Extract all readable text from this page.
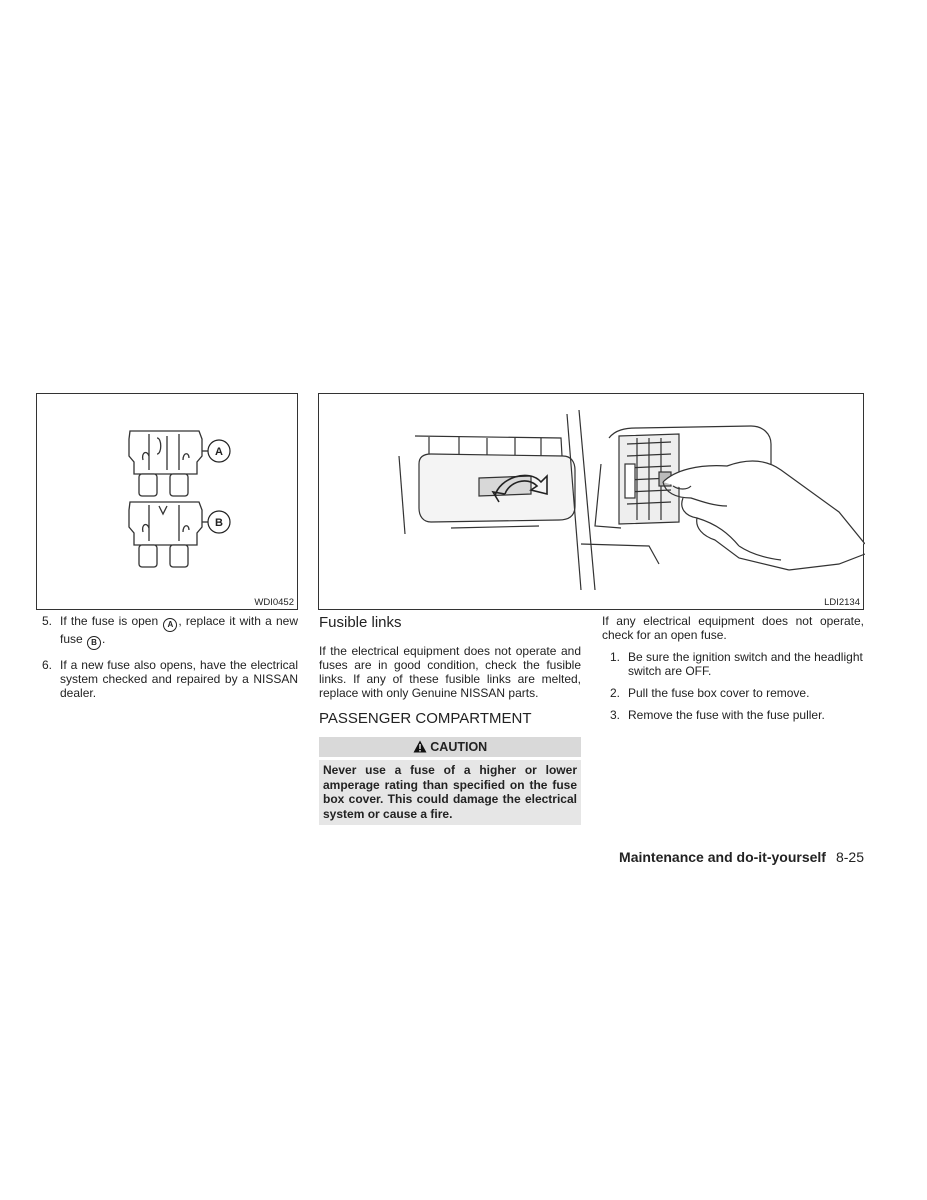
A
B
WDI0452	LDI2134
5. If the fuse is open A , replace it with a new fuse B .
6. If a new fuse also opens, have the electrical system checked and repaired by a NISSAN dealer.
Fusible links
If the electrical equipment does not operate and fuses are in good condition, check the fusible links. If any of these fusible links are melted, replace with only Genuine NISSAN parts.
PASSENGER COMPARTMENT
CAUTION
Never use a fuse of a higher or lower amperage rating than specified on the fuse box cover. This could damage the electrical system or cause a fire.
If any electrical equipment does not operate, check for an open fuse.
1. Be sure the ignition switch and the headlight switch are OFF.
2. Pull the fuse box cover to remove.
3. Remove the fuse with the fuse puller.
Maintenance and do-it-yourself 8-25
